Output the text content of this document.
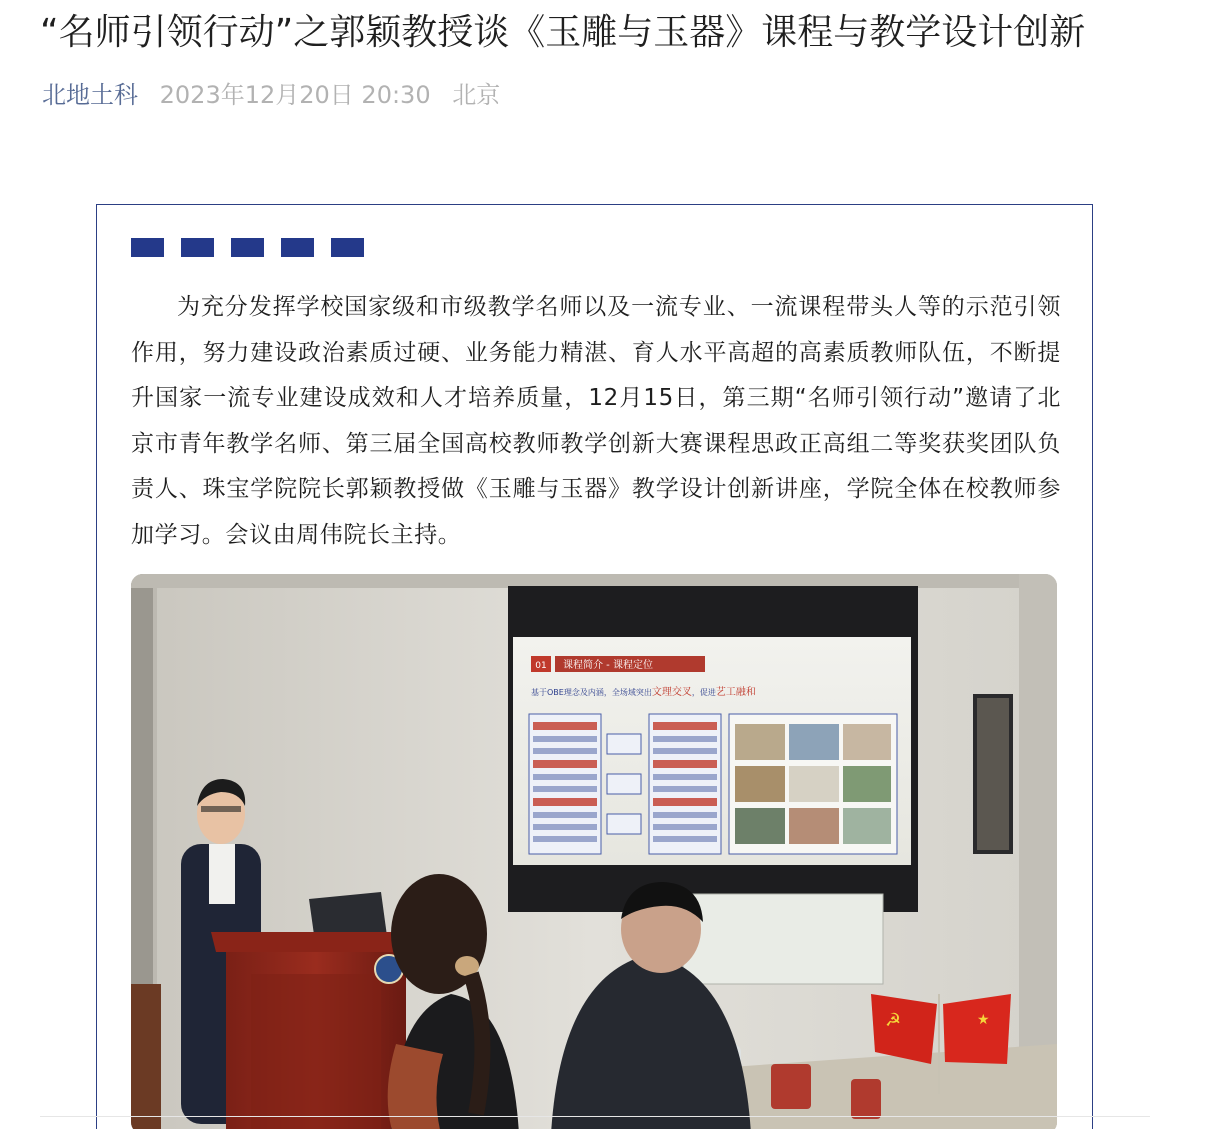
“名师引领行动”之郭颖教授谈《玉雕与玉器》课程与教学设计创新
北地土科 2023年12月20日 20:30 北京

为充分发挥学校国家级和市级教学名师以及一流专业、一流课程带头人等的示范引领作用，努力建设政治素质过硬、业务能力精湛、育人水平高超的高素质教师队伍，不断提升国家一流专业建设成效和人才培养质量，12月15日，第三期“名师引领行动”邀请了北京市青年教学名师、第三届全国高校教师教学创新大赛课程思政正高组二等奖获奖团队负责人、珠宝学院院长郭颖教授做《玉雕与玉器》教学设计创新讲座，学院全体在校教师参加学习。会议由周伟院长主持。

01 课程简介 - 课程定位
基于OBE理念及内涵，全场域突出文理交叉，促进艺工融和
☭	★
